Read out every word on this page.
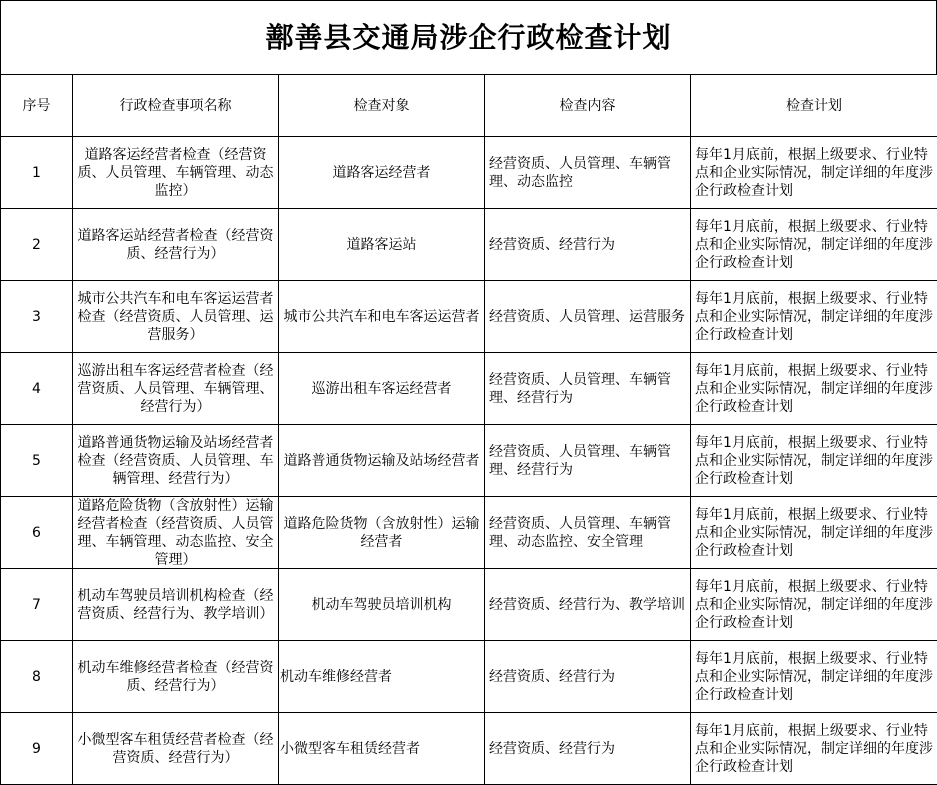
鄯善县交通局涉企行政检查计划
序号	行政检查事项名称	检查对象	检查内容	检查计划
1	道路客运经营者检查（经营资质、人员管理、车辆管理、动态监控）	道路客运经营者	经营资质、人员管理、车辆管理、动态监控	每年1月底前，根据上级要求、行业特点和企业实际情况，制定详细的年度涉企行政检查计划
2	道路客运站经营者检查（经营资质、经营行为）	道路客运站	经营资质、经营行为	每年1月底前，根据上级要求、行业特点和企业实际情况，制定详细的年度涉企行政检查计划
3	城市公共汽车和电车客运运营者检查（经营资质、人员管理、运营服务）	城市公共汽车和电车客运运营者	经营资质、人员管理、运营服务	每年1月底前，根据上级要求、行业特点和企业实际情况，制定详细的年度涉企行政检查计划
4	巡游出租车客运经营者检查（经营资质、人员管理、车辆管理、经营行为）	巡游出租车客运经营者	经营资质、人员管理、车辆管理、经营行为	每年1月底前，根据上级要求、行业特点和企业实际情况，制定详细的年度涉企行政检查计划
5	道路普通货物运输及站场经营者检查（经营资质、人员管理、车辆管理、经营行为）	道路普通货物运输及站场经营者	经营资质、人员管理、车辆管理、经营行为	每年1月底前，根据上级要求、行业特点和企业实际情况，制定详细的年度涉企行政检查计划
6	道路危险货物（含放射性）运输经营者检查（经营资质、人员管理、车辆管理、动态监控、安全管理）	道路危险货物（含放射性）运输经营者	经营资质、人员管理、车辆管理、动态监控、安全管理	每年1月底前，根据上级要求、行业特点和企业实际情况，制定详细的年度涉企行政检查计划
7	机动车驾驶员培训机构检查（经营资质、经营行为、教学培训）	机动车驾驶员培训机构	经营资质、经营行为、教学培训	每年1月底前，根据上级要求、行业特点和企业实际情况，制定详细的年度涉企行政检查计划
8	机动车维修经营者检查（经营资质、经营行为）	机动车维修经营者	经营资质、经营行为	每年1月底前，根据上级要求、行业特点和企业实际情况，制定详细的年度涉企行政检查计划
9	小微型客车租赁经营者检查（经营资质、经营行为）	小微型客车租赁经营者	经营资质、经营行为	每年1月底前，根据上级要求、行业特点和企业实际情况，制定详细的年度涉企行政检查计划
